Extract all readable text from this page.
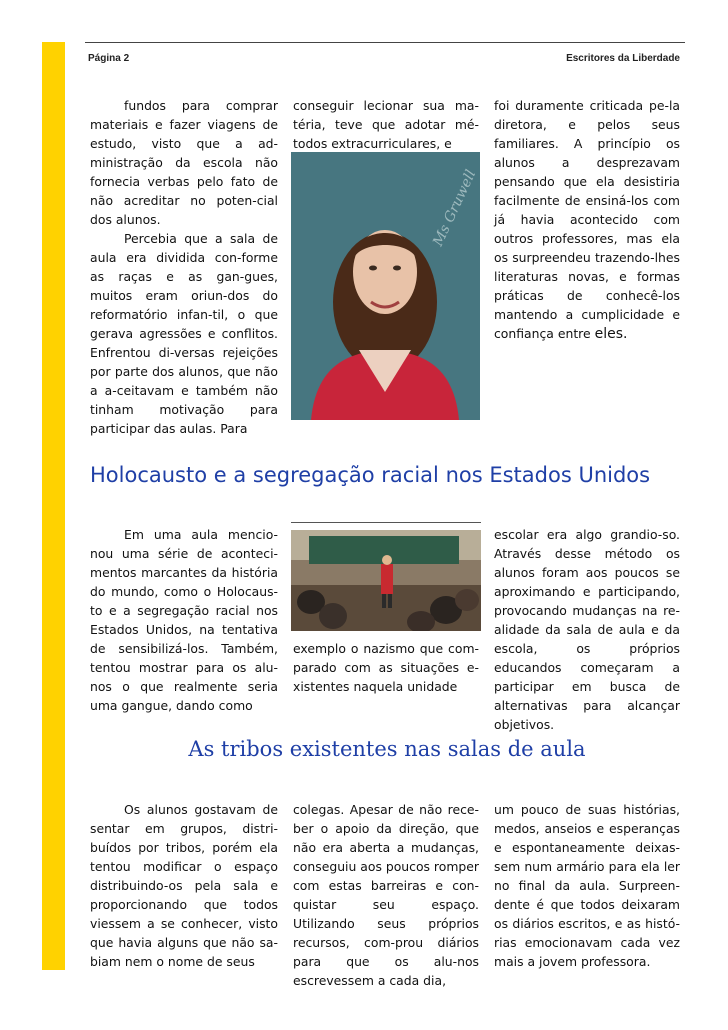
Página 2	Escritores da Liberdade

fundos para comprar materiais e fazer viagens de estudo, visto que a ad-ministração da escola não fornecia verbas pelo fato de não acreditar no poten-cial dos alunos.

Percebia que a sala de aula era dividida con-forme as raças e as gan-gues, muitos eram oriun-dos do reformatório infan-til, o que gerava agressões e conflitos. Enfrentou di-versas rejeições por parte dos alunos, que não a a-ceitavam e também não tinham motivação para participar das aulas. Para

conseguir lecionar sua ma-téria, teve que adotar mé-todos extracurriculares, e
Ms Gruwell
foi duramente criticada pe-la diretora, e pelos seus familiares. A princípio os alunos a desprezavam pensando que ela desistiria facilmente de ensiná-los com já havia acontecido com outros professores, mas ela os surpreendeu trazendo-lhes literaturas novas, e formas práticas de conhecê-los mantendo a cumplicidade e confiança entre eles.
Holocausto e a segregação racial nos Estados Unidos

Em uma aula mencio-nou uma série de aconteci-mentos marcantes da história do mundo, como o Holocaus-to e a segregação racial nos Estados Unidos, na tentativa de sensibilizá-los. Também, tentou mostrar para os alu-nos o que realmente seria uma gangue, dando como

exemplo o nazismo que com-parado com as situações e-xistentes naquela unidade
escolar era algo grandio-so. Através desse método os alunos foram aos poucos se aproximando e participando, provocando mudanças na re-alidade da sala de aula e da escola, os próprios educandos começaram a participar em busca de alternativas para alcançar objetivos.
As tribos existentes nas salas de aula

Os alunos gostavam de sentar em grupos, distri-buídos por tribos, porém ela tentou modificar o espaço distribuindo-os pela sala e proporcionando que todos viessem a se conhecer, visto que havia alguns que não sa-biam nem o nome de seus

colegas. Apesar de não rece-ber o apoio da direção, que não era aberta a mudanças, conseguiu aos poucos romper com estas barreiras e con-quistar seu espaço. Utilizando seus próprios recursos, com-prou diários para que os alu-nos escrevessem a cada dia,
um pouco de suas histórias, medos, anseios e esperanças e espontaneamente deixas-sem num armário para ela ler no final da aula. Surpreen-dente é que todos deixaram os diários escritos, e as histó-rias emocionavam cada vez mais a jovem professora.
